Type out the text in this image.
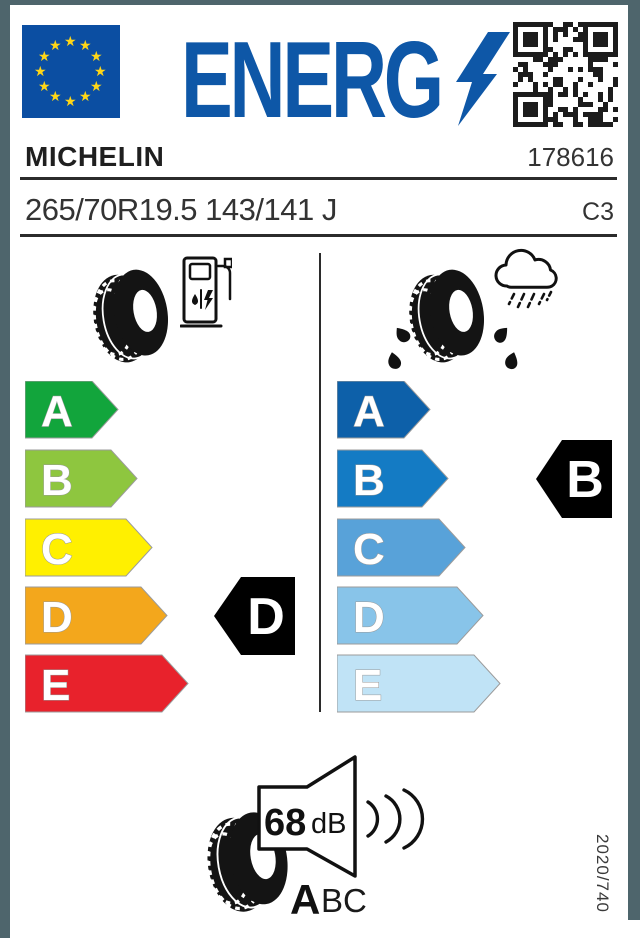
★ ★
★
★
★
★
★
★
★
★
★
★ ENERG
MICHELIN	178616
265/70R19.5 143/141 J	C3
A
B
C
D
E
D
A
B
C
D
E
B
68 dB
A BC	2020/740
